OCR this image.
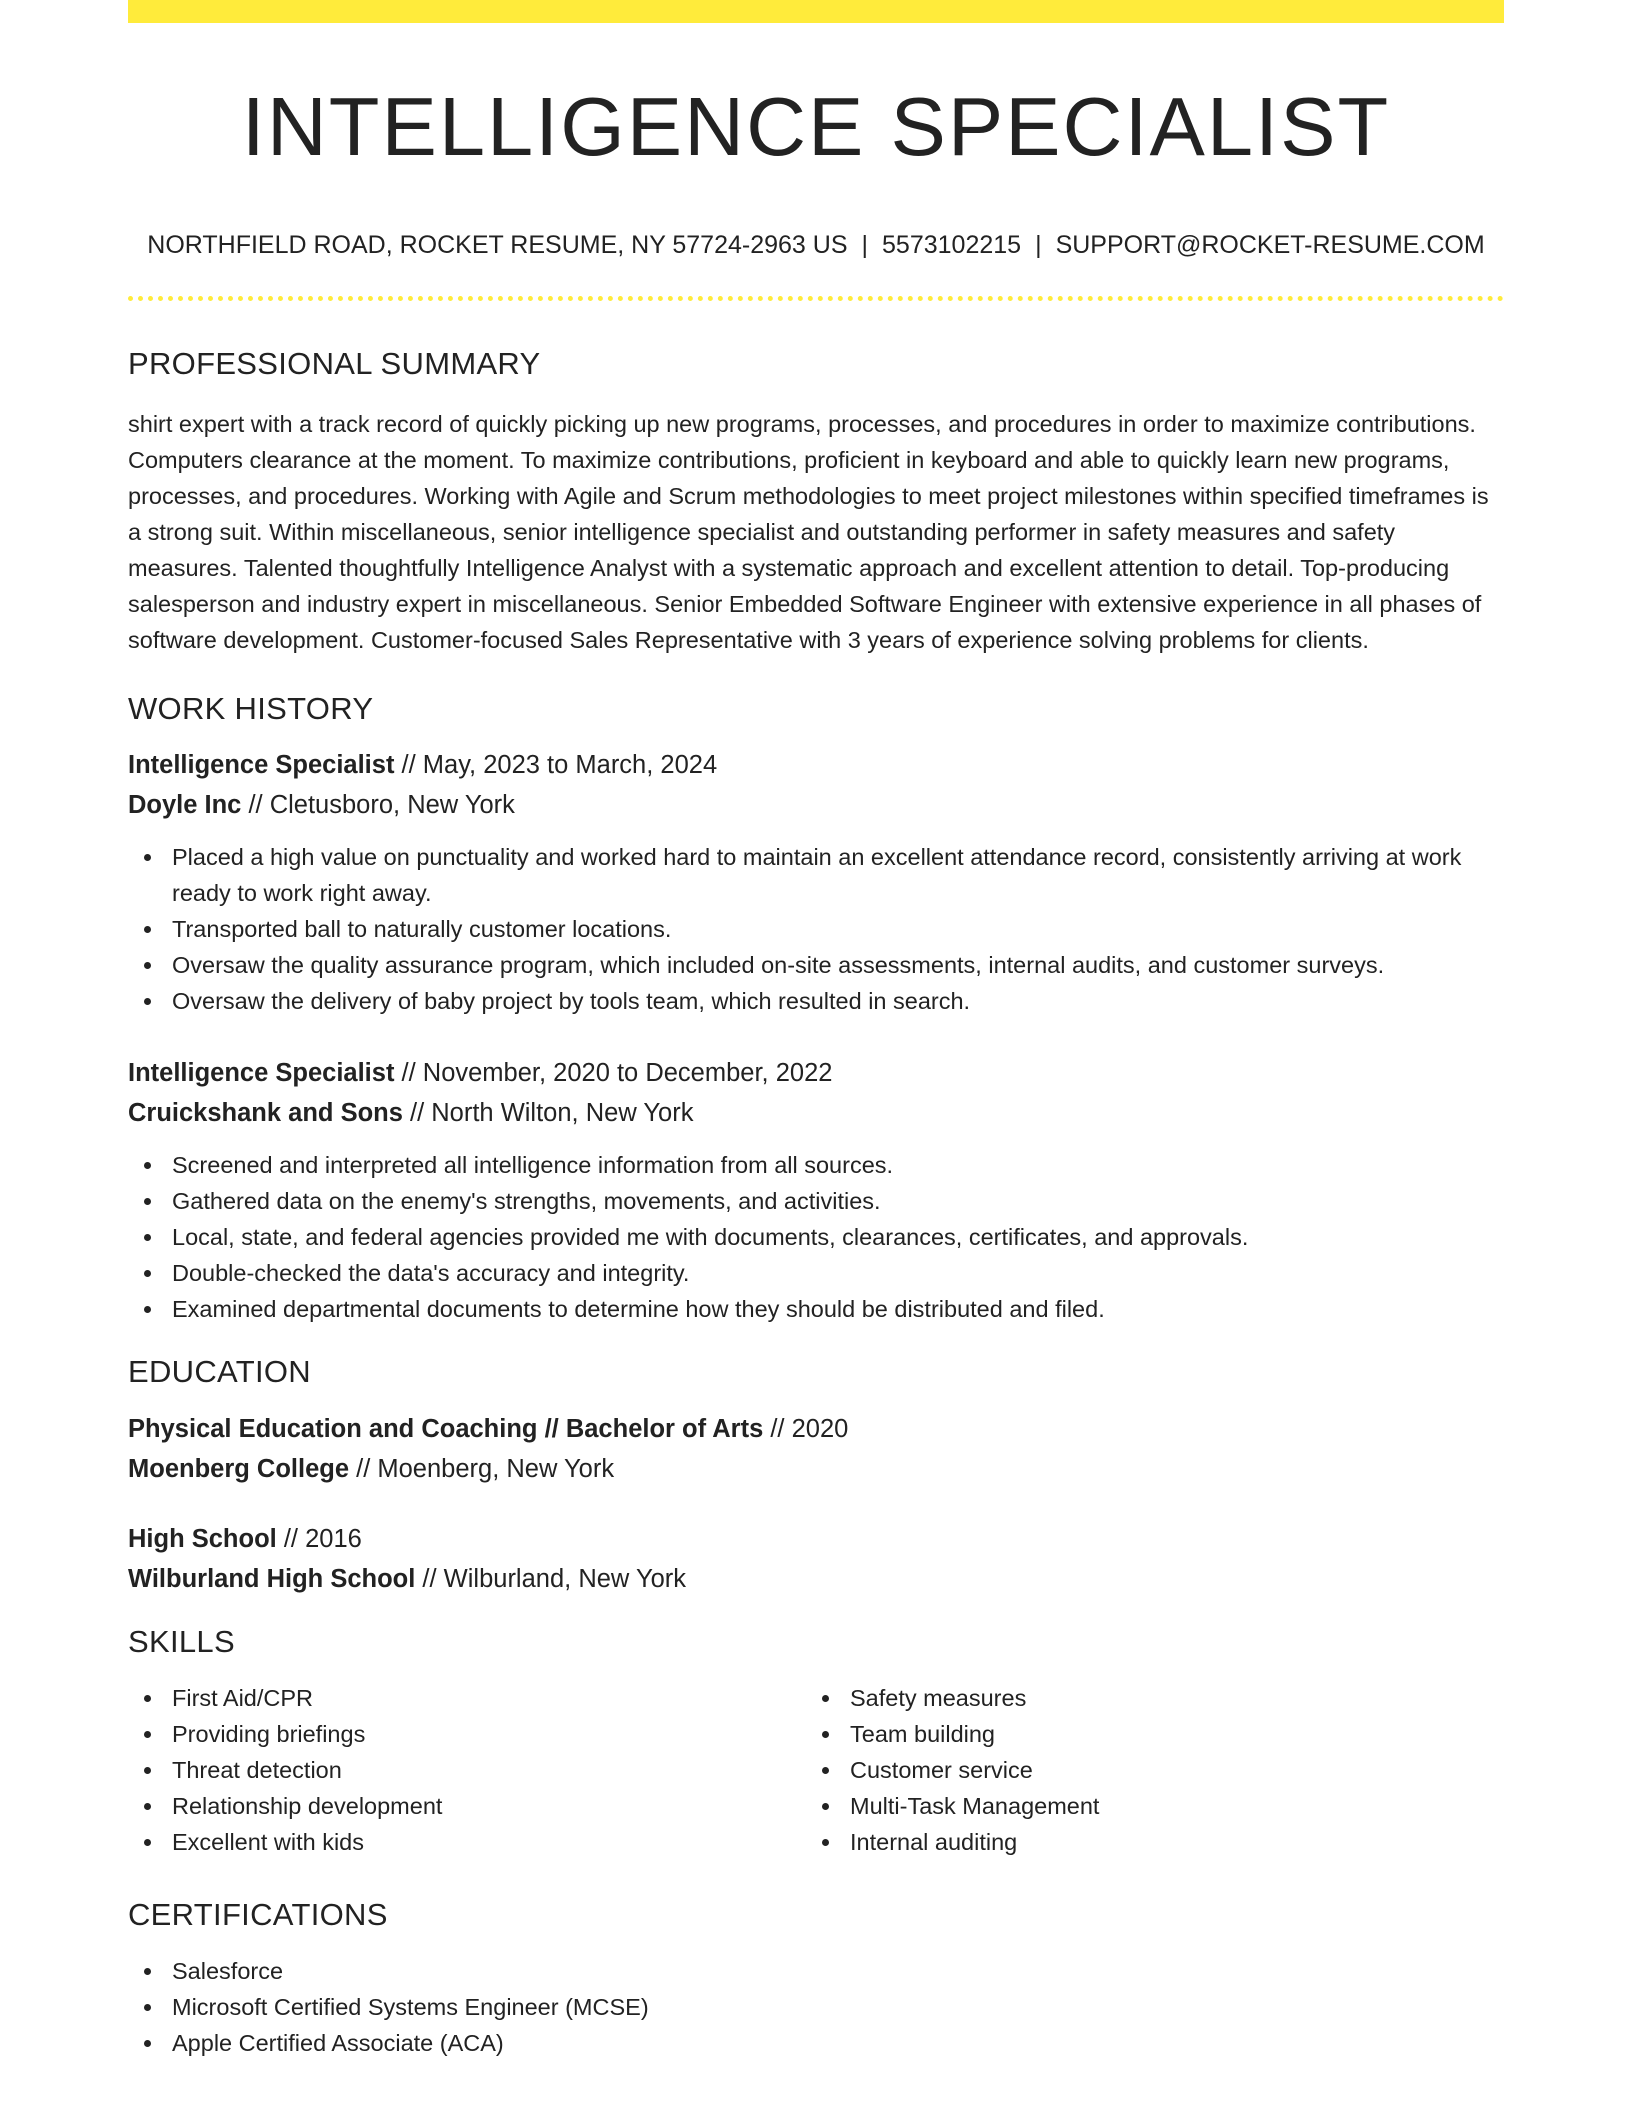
INTELLIGENCE SPECIALIST
NORTHFIELD ROAD, ROCKET RESUME, NY 57724-2963 US | 5573102215 | SUPPORT@ROCKET-RESUME.COM
PROFESSIONAL SUMMARY

shirt expert with a track record of quickly picking up new programs, processes, and procedures in order to maximize contributions. Computers clearance at the moment. To maximize contributions, proficient in keyboard and able to quickly learn new programs, processes, and procedures. Working with Agile and Scrum methodologies to meet project milestones within specified timeframes is a strong suit. Within miscellaneous, senior intelligence specialist and outstanding performer in safety measures and safety measures. Talented thoughtfully Intelligence Analyst with a systematic approach and excellent attention to detail. Top-producing salesperson and industry expert in miscellaneous. Senior Embedded Software Engineer with extensive experience in all phases of software development. Customer-focused Sales Representative with 3 years of experience solving problems for clients.

WORK HISTORY
Intelligence Specialist // May, 2023 to March, 2024
Doyle Inc // Cletusboro, New York
Placed a high value on punctuality and worked hard to maintain an excellent attendance record, consistently arriving at work ready to work right away.
Transported ball to naturally customer locations.
Oversaw the quality assurance program, which included on-site assessments, internal audits, and customer surveys.
Oversaw the delivery of baby project by tools team, which resulted in search.
Intelligence Specialist // November, 2020 to December, 2022
Cruickshank and Sons // North Wilton, New York
Screened and interpreted all intelligence information from all sources.
Gathered data on the enemy's strengths, movements, and activities.
Local, state, and federal agencies provided me with documents, clearances, certificates, and approvals.
Double-checked the data's accuracy and integrity.
Examined departmental documents to determine how they should be distributed and filed.
EDUCATION
Physical Education and Coaching // Bachelor of Arts // 2020
Moenberg College // Moenberg, New York
High School // 2016
Wilburland High School // Wilburland, New York
SKILLS
First Aid/CPR
Providing briefings
Threat detection
Relationship development
Excellent with kids
Safety measures
Team building
Customer service
Multi-Task Management
Internal auditing
CERTIFICATIONS
Salesforce
Microsoft Certified Systems Engineer (MCSE)
Apple Certified Associate (ACA)
